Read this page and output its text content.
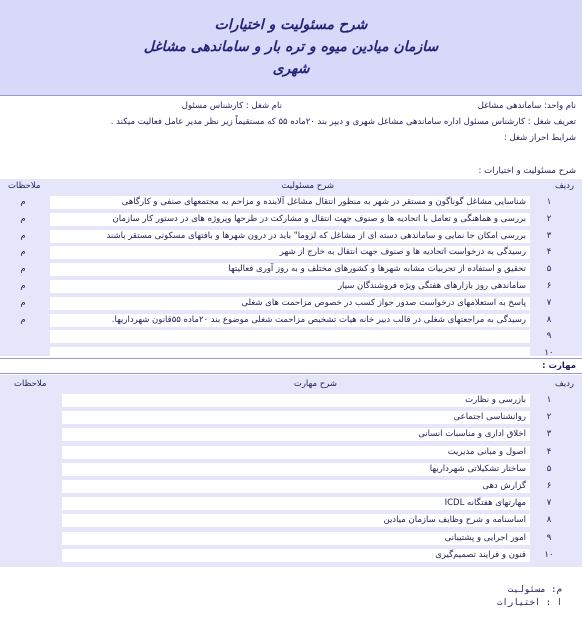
شرح مسئولیت و اختیارات
سازمان میادین میوه و تره بار و ساماندهی مشاغل
شهری
نام واحد: ساماندهی مشاغل
نام شغل : کارشناس مسئول
تعریف شغل : کارشناس مسئول اداره ساماندهی مشاغل شهری و دیپر بند ۲۰ماده ۵۵ که مستقیماً زیر نظر مدیر عامل فعالیت میکند .
شرایط احراز شغل :
شرح مسئولیت و اختیارات :
ردیف
شرح مسئولیت
ملاحظات
۱
شناسایی مشاغل گوناگون و مستقر در شهر به منظور انتقال مشاغل آلاینده و مزاحم به مجتمعهای صنفی و کارگاهی
م
۲
بررسی و هماهنگی و تعامل با اتحادیه ها و صنوف جهت انتقال و مشارکت در طرحها وپروژه های در دستور کار سازمان
م
۳
بررسی امکان جا نمایی و ساماندهی دسته ای از مشاغل که لزوما" باید در درون شهرها و بافتهای مسکونی مستقر باشند
م
۴
رسیدگی به درخواست اتحادیه ها و صنوف جهت انتقال به خارج از شهر
م
۵
تحقیق و استفاده از تجربیات مشابه شهرها و کشورهای مختلف و به روز آوری فعالیتها
م
۶
ساماندهی روز بازارهای هفتگی ویژه فروشندگان سیار
م
۷
پاسخ به استعلامهای درخواست صدور جواز کسب در خصوص مزاحمت های شغلی
م
۸
رسیدگی به مراجعتهای شغلی در قالب دبیر خانه هیات تشخیص مزاحمت شغلی موضوع بند ۲۰ماده ۵۵قانون شهرداریها.
م
۹
۱۰
مهارت :
ردیف
شرح مهارت
ملاحظات
۱
بازرسی و نظارت
۲
روانشناسی اجتماعی
۳
اخلاق اداری و مناسبات انسانی
۴
اصول و مبانی مدیریت
۵
ساختار تشکیلاتی شهرداریها
۶
گزارش دهی
۷
مهارتهای هفتگانه ICDL
۸
اساسنامه و شرح وظایف سازمان میادین
۹
امور اجرایی و پشتیبانی
۱۰
فنون و فرایند تصمیم‌گیری
م: مسئولیت
ا : اختیارات
